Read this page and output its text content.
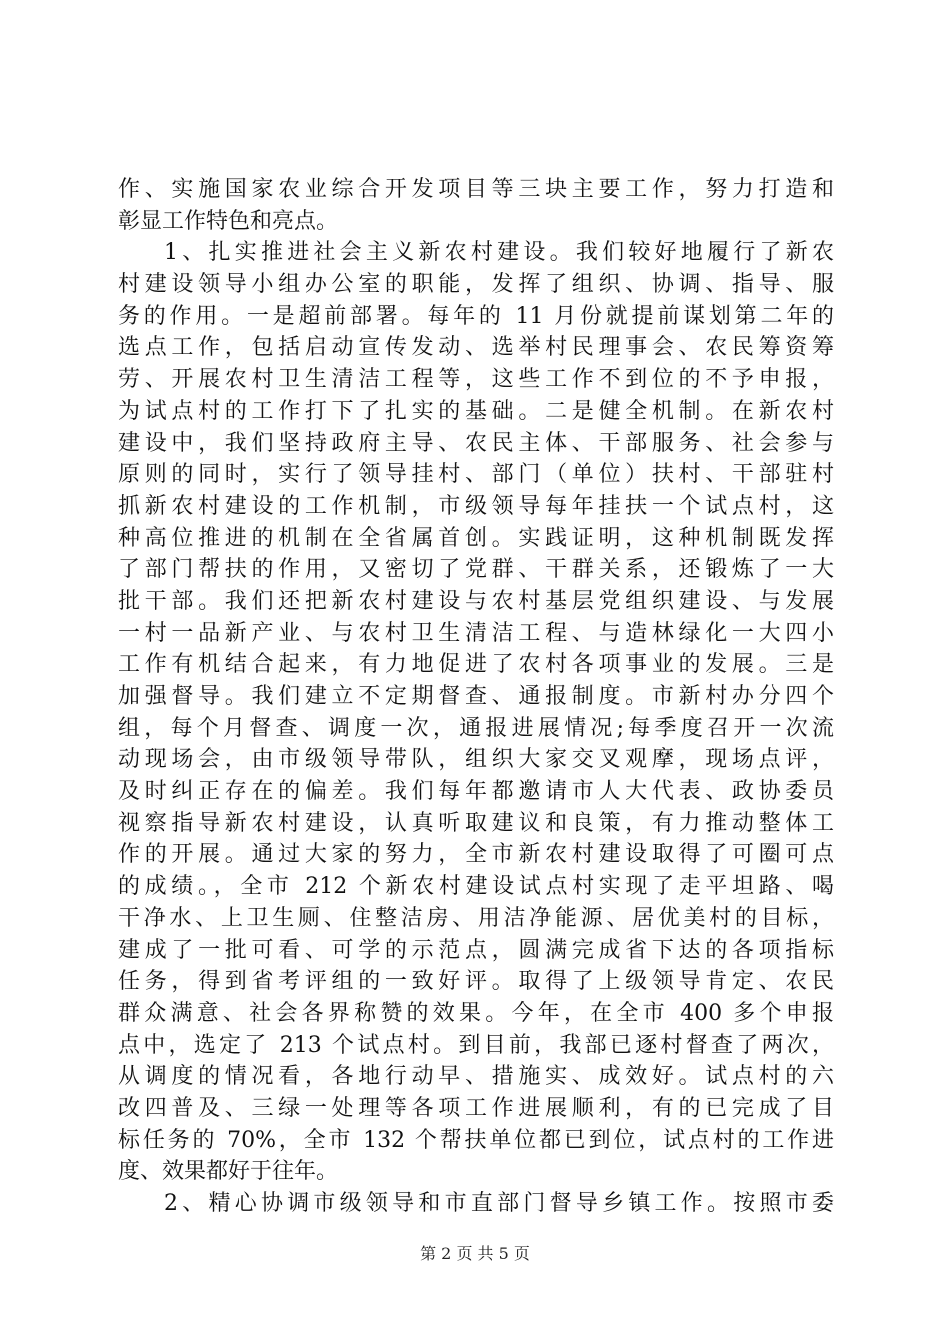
作、实施国家农业综合开发项目等三块主要工作，努力打造和
彰显工作特色和亮点。
1、扎实推进社会主义新农村建设。我们较好地履行了新农
村建设领导小组办公室的职能，发挥了组织、协调、指导、服
务的作用。一是超前部署。每年的 11 月份就提前谋划第二年的
选点工作，包括启动宣传发动、选举村民理事会、农民筹资筹
劳、开展农村卫生清洁工程等，这些工作不到位的不予申报，
为试点村的工作打下了扎实的基础。二是健全机制。在新农村
建设中，我们坚持政府主导、农民主体、干部服务、社会参与
原则的同时，实行了领导挂村、部门（单位）扶村、干部驻村
抓新农村建设的工作机制，市级领导每年挂扶一个试点村，这
种高位推进的机制在全省属首创。实践证明，这种机制既发挥
了部门帮扶的作用，又密切了党群、干群关系，还锻炼了一大
批干部。我们还把新农村建设与农村基层党组织建设、与发展
一村一品新产业、与农村卫生清洁工程、与造林绿化一大四小
工作有机结合起来，有力地促进了农村各项事业的发展。三是
加强督导。我们建立不定期督查、通报制度。市新村办分四个
组，每个月督查、调度一次，通报进展情况;每季度召开一次流
动现场会，由市级领导带队，组织大家交叉观摩，现场点评，
及时纠正存在的偏差。我们每年都邀请市人大代表、政协委员
视察指导新农村建设，认真听取建议和良策，有力推动整体工
作的开展。通过大家的努力，全市新农村建设取得了可圈可点
的成绩。，全市 212 个新农村建设试点村实现了走平坦路、喝
干净水、上卫生厕、住整洁房、用洁净能源、居优美村的目标，
建成了一批可看、可学的示范点，圆满完成省下达的各项指标
任务，得到省考评组的一致好评。取得了上级领导肯定、农民
群众满意、社会各界称赞的效果。今年，在全市 400 多个申报
点中，选定了 213 个试点村。到目前，我部已逐村督查了两次，
从调度的情况看，各地行动早、措施实、成效好。试点村的六
改四普及、三绿一处理等各项工作进展顺利，有的已完成了目
标任务的 70%，全市 132 个帮扶单位都已到位，试点村的工作进
度、效果都好于往年。
2、精心协调市级领导和市直部门督导乡镇工作。按照市委
第 2 页 共 5 页
